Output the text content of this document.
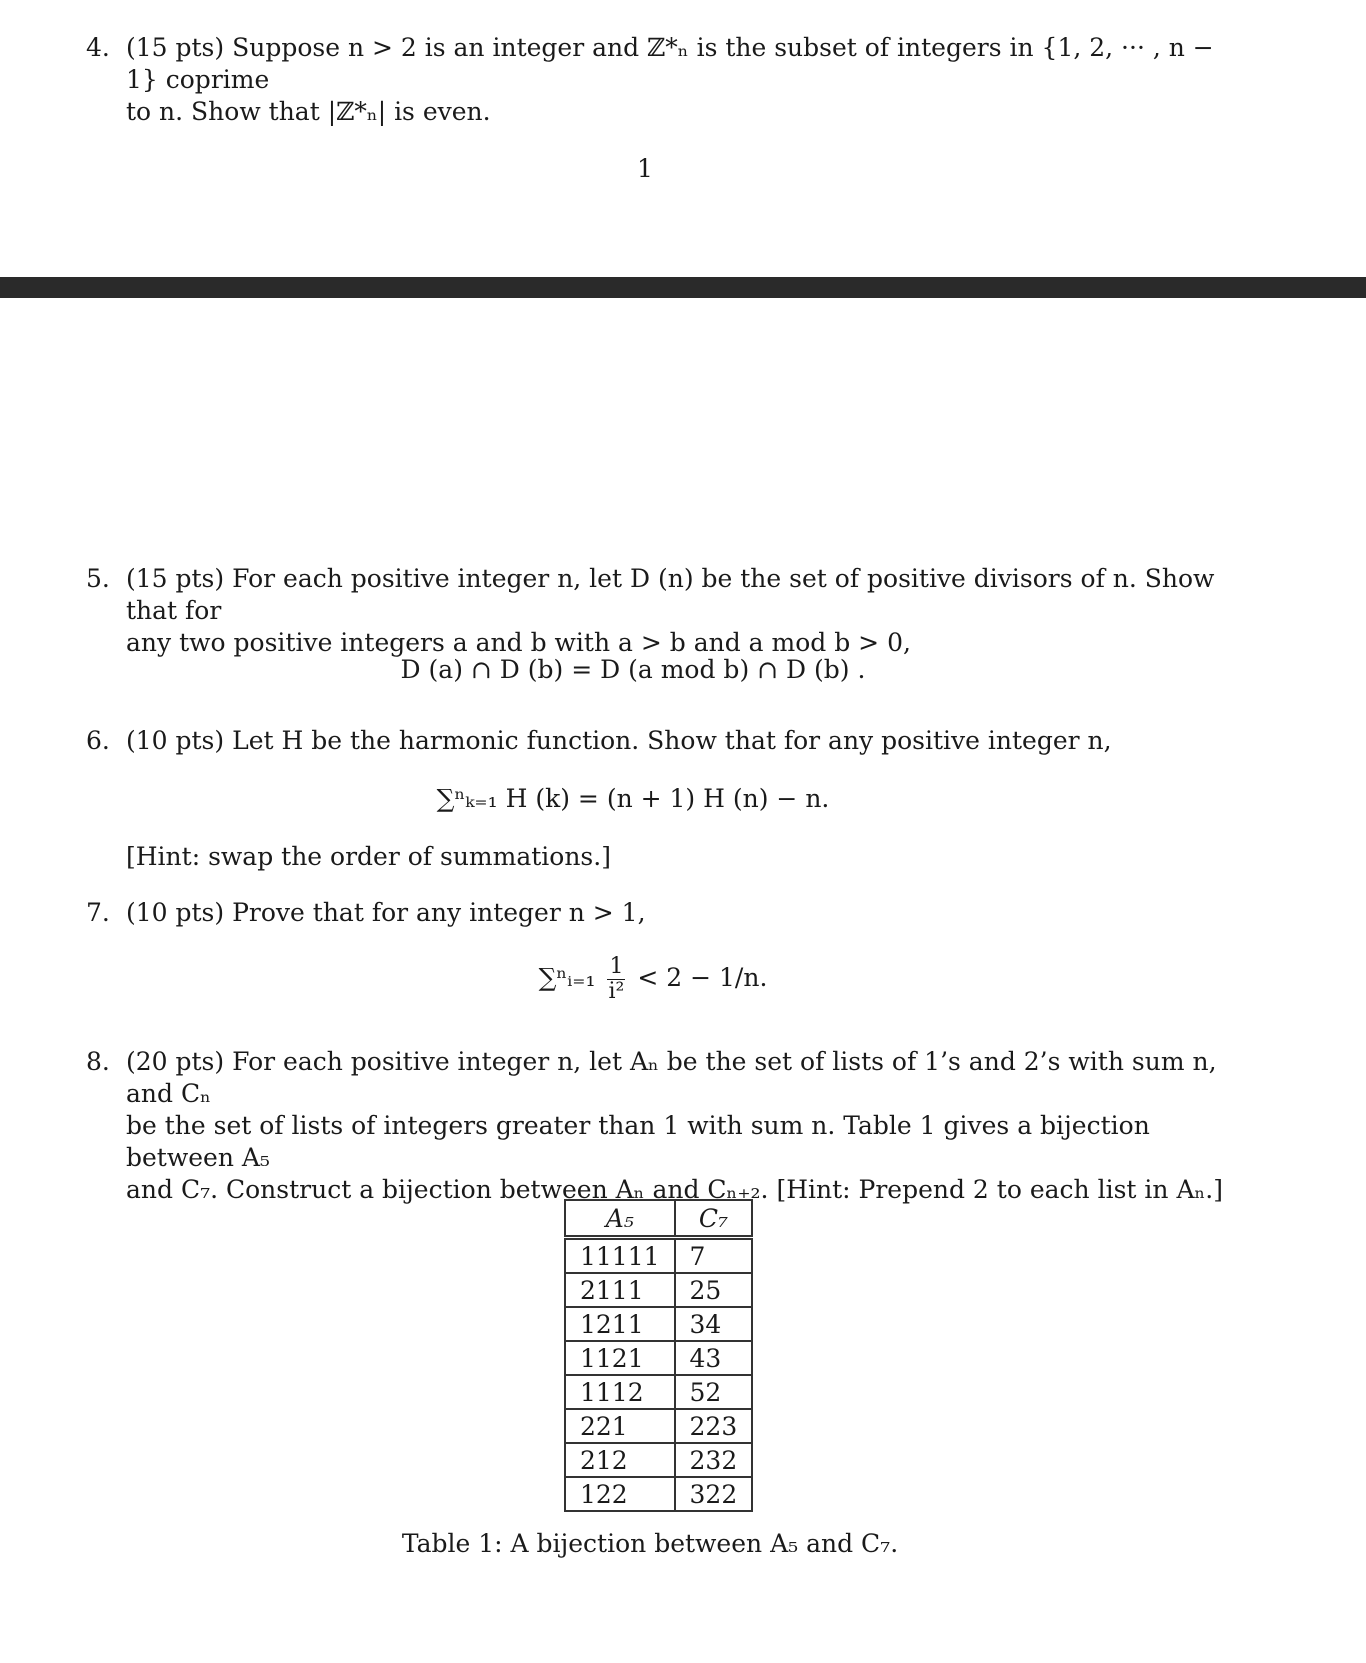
4. (15 pts) Suppose n > 2 is an integer and ℤ*ₙ is the subset of integers in {1, 2, ··· , n − 1} coprime
to n. Show that |ℤ*ₙ| is even.
1
5. (15 pts) For each positive integer n, let D (n) be the set of positive divisors of n. Show that for
any two positive integers a and b with a > b and a mod b > 0,
D (a) ∩ D (b) = D (a mod b) ∩ D (b) .
6. (10 pts) Let H be the harmonic function. Show that for any positive integer n,
∑ⁿₖ₌₁ H (k) = (n + 1) H (n) − n.
[Hint: swap the order of summations.]
7. (10 pts) Prove that for any integer n > 1,
∑ⁿᵢ₌₁ $\frac{1}{\text{i²}} < 2 - 1/n$.
8. (20 pts) For each positive integer n, let Aₙ be the set of lists of 1’s and 2’s with sum n, and Cₙ
be the set of lists of integers greater than 1 with sum n. Table 1 gives a bijection between A₅
and C₇. Construct a bijection between Aₙ and Cₙ₊₂. [Hint: Prepend 2 to each list in Aₙ.]
A₅	C₇
11111	7
2111	25
1211	34
1121	43
1112	52
221	223
212	232
122	322
Table 1: A bijection between A₅ and C₇.
